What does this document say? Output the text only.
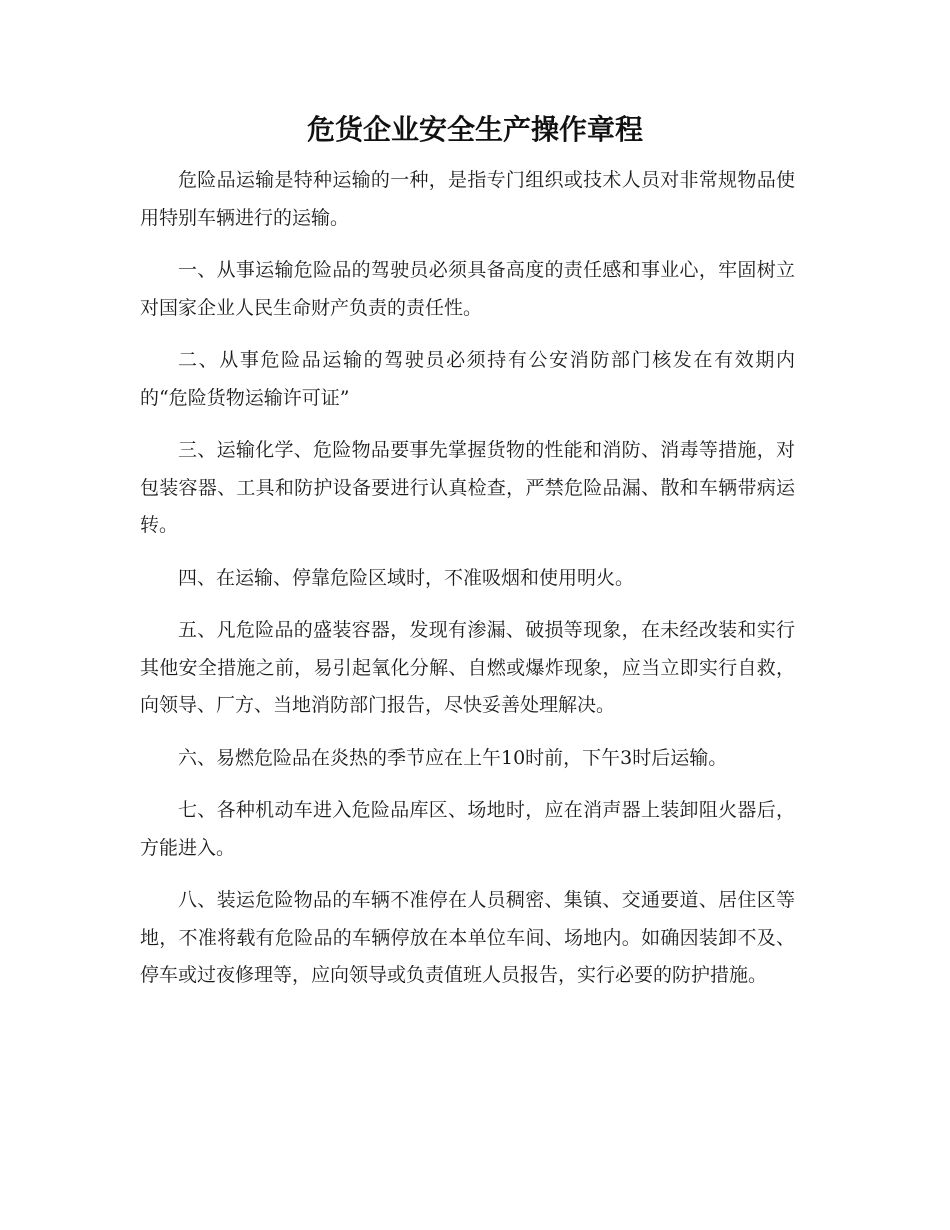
危货企业安全生产操作章程

危险品运输是特种运输的一种，是指专门组织或技术人员对非常规物品使用特别车辆进行的运输。

一、从事运输危险品的驾驶员必须具备高度的责任感和事业心，牢固树立对国家企业人民生命财产负责的责任性。

二、从事危险品运输的驾驶员必须持有公安消防部门核发在有效期内的“危险货物运输许可证”

三、运输化学、危险物品要事先掌握货物的性能和消防、消毒等措施，对包装容器、工具和防护设备要进行认真检查，严禁危险品漏、散和车辆带病运转。

四、在运输、停靠危险区域时，不准吸烟和使用明火。

五、凡危险品的盛装容器，发现有渗漏、破损等现象，在未经改装和实行其他安全措施之前，易引起氧化分解、自燃或爆炸现象，应当立即实行自救，向领导、厂方、当地消防部门报告，尽快妥善处理解决。

六、易燃危险品在炎热的季节应在上午10时前，下午3时后运输。

七、各种机动车进入危险品库区、场地时，应在消声器上装卸阻火器后，方能进入。

八、装运危险物品的车辆不准停在人员稠密、集镇、交通要道、居住区等地，不准将载有危险品的车辆停放在本单位车间、场地内。如确因装卸不及、停车或过夜修理等，应向领导或负责值班人员报告，实行必要的防护措施。
